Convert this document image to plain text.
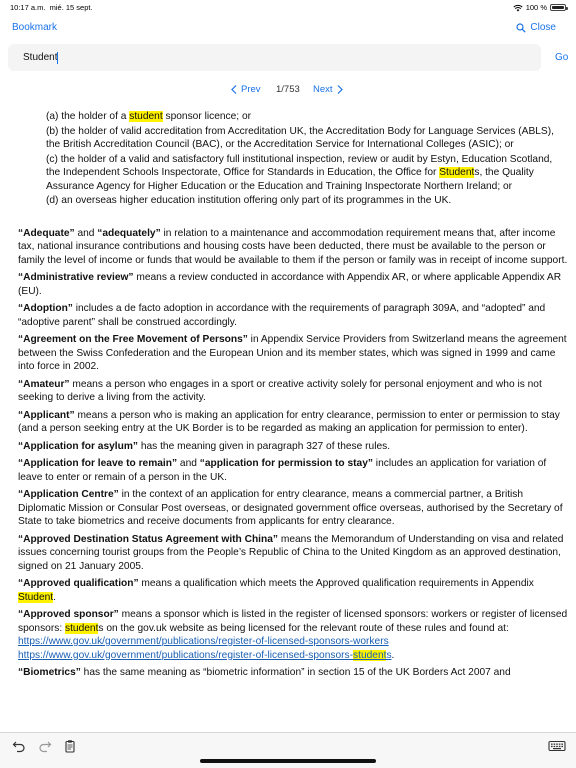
10:17 a.m. mié. 15 sept.	100 %
Bookmark	Close
Student
Go
Prev 1/753 Next

(a) the holder of a student sponsor licence; or

(b) the holder of valid accreditation from Accreditation UK, the Accreditation Body for Language Services (ABLS), the British Accreditation Council (BAC), or the Accreditation Service for International Colleges (ASIC); or

(c) the holder of a valid and satisfactory full institutional inspection, review or audit by Estyn, Education Scotland, the Independent Schools Inspectorate, Office for Standards in Education, the Office for Students, the Quality Assurance Agency for Higher Education or the Education and Training Inspectorate Northern Ireland; or

(d) an overseas higher education institution offering only part of its programmes in the UK.

“Adequate” and “adequately” in relation to a maintenance and accommodation requirement means that, after income tax, national insurance contributions and housing costs have been deducted, there must be available to the person or family the level of income or funds that would be available to them if the person or family was in receipt of income support.

“Administrative review” means a review conducted in accordance with Appendix AR, or where applicable Appendix AR (EU).

“Adoption” includes a de facto adoption in accordance with the requirements of paragraph 309A, and “adopted” and “adoptive parent” shall be construed accordingly.

“Agreement on the Free Movement of Persons” in Appendix Service Providers from Switzerland means the agreement between the Swiss Confederation and the European Union and its member states, which was signed in 1999 and came into force in 2002.

“Amateur” means a person who engages in a sport or creative activity solely for personal enjoyment and who is not seeking to derive a living from the activity.

“Applicant” means a person who is making an application for entry clearance, permission to enter or permission to stay (and a person seeking entry at the UK Border is to be regarded as making an application for permission to enter).

“Application for asylum” has the meaning given in paragraph 327 of these rules.

“Application for leave to remain” and “application for permission to stay” includes an application for variation of leave to enter or remain of a person in the UK.

“Application Centre” in the context of an application for entry clearance, means a commercial partner, a British Diplomatic Mission or Consular Post overseas, or designated government office overseas, authorised by the Secretary of State to take biometrics and receive documents from applicants for entry clearance.

“Approved Destination Status Agreement with China” means the Memorandum of Understanding on visa and related issues concerning tourist groups from the People’s Republic of China to the United Kingdom as an approved destination, signed on 21 January 2005.

“Approved qualification” means a qualification which meets the Approved qualification requirements in Appendix Student.

“Approved sponsor” means a sponsor which is listed in the register of licensed sponsors: workers or register of licensed sponsors: students on the gov.uk website as being licensed for the relevant route of these rules and found at:
https://www.gov.uk/government/publications/register-of-licensed-sponsors-workers https://www.gov.uk/government/publications/register-of-licensed-sponsors-students.

“Biometrics” has the same meaning as “biometric information” in section 15 of the UK Borders Act 2007 and
